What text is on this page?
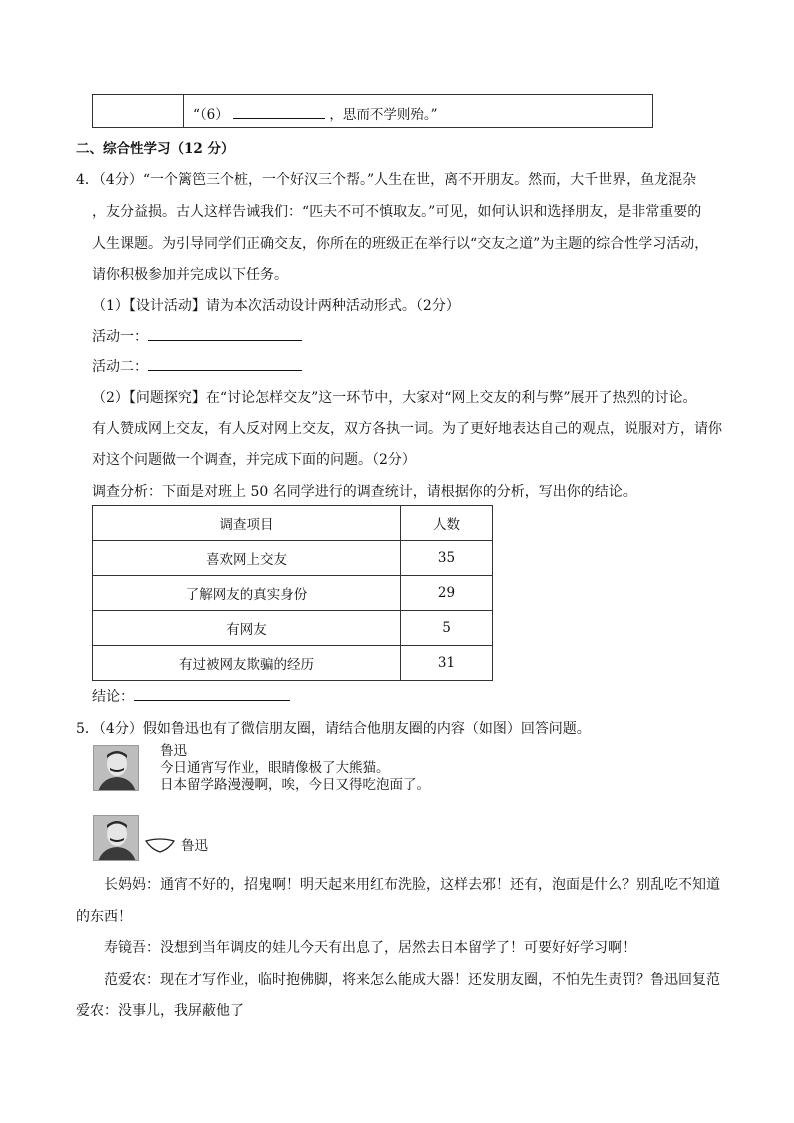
“（6）	，思而不学则殆。”
二、综合性学习（12 分）
4．（4分）“一个篱笆三个桩，一个好汉三个帮。”人生在世，离不开朋友。然而，大千世界，鱼龙混杂
，友分益损。古人这样告诫我们：“匹夫不可不慎取友。”可见，如何认识和选择朋友，是非常重要的
人生课题。为引导同学们正确交友，你所在的班级正在举行以“交友之道”为主题的综合性学习活动，
请你积极参加并完成以下任务。
（1）【设计活动】请为本次活动设计两种活动形式。（2分）
活动一：
活动二：
（2）【问题探究】在“讨论怎样交友”这一环节中，大家对“网上交友的利与弊”展开了热烈的讨论。
有人赞成网上交友，有人反对网上交友，双方各执一词。为了更好地表达自己的观点，说服对方，请你
对这个问题做一个调查，并完成下面的问题。（2分）
调查分析：下面是对班上 50 名同学进行的调查统计，请根据你的分析，写出你的结论。
调查项目	人数
喜欢网上交友	35
了解网友的真实身份	29
有网友	5
有过被网友欺骗的经历	31
结论：
5．（4分）假如鲁迅也有了微信朋友圈，请结合他朋友圈的内容（如图）回答问题。
鲁迅
今日通宵写作业，眼睛像极了大熊猫。
日本留学路漫漫啊，唉，今日又得吃泡面了。
鲁迅
长妈妈：通宵不好的，招鬼啊！明天起来用红布洗脸，这样去邪！还有，泡面是什么？别乱吃不知道
的东西！
寿镜吾：没想到当年调皮的娃儿今天有出息了，居然去日本留学了！可要好好学习啊！
范爱农：现在才写作业，临时抱佛脚，将来怎么能成大器！还发朋友圈，不怕先生责罚？鲁迅回复范
爱农：没事儿，我屏蔽他了
